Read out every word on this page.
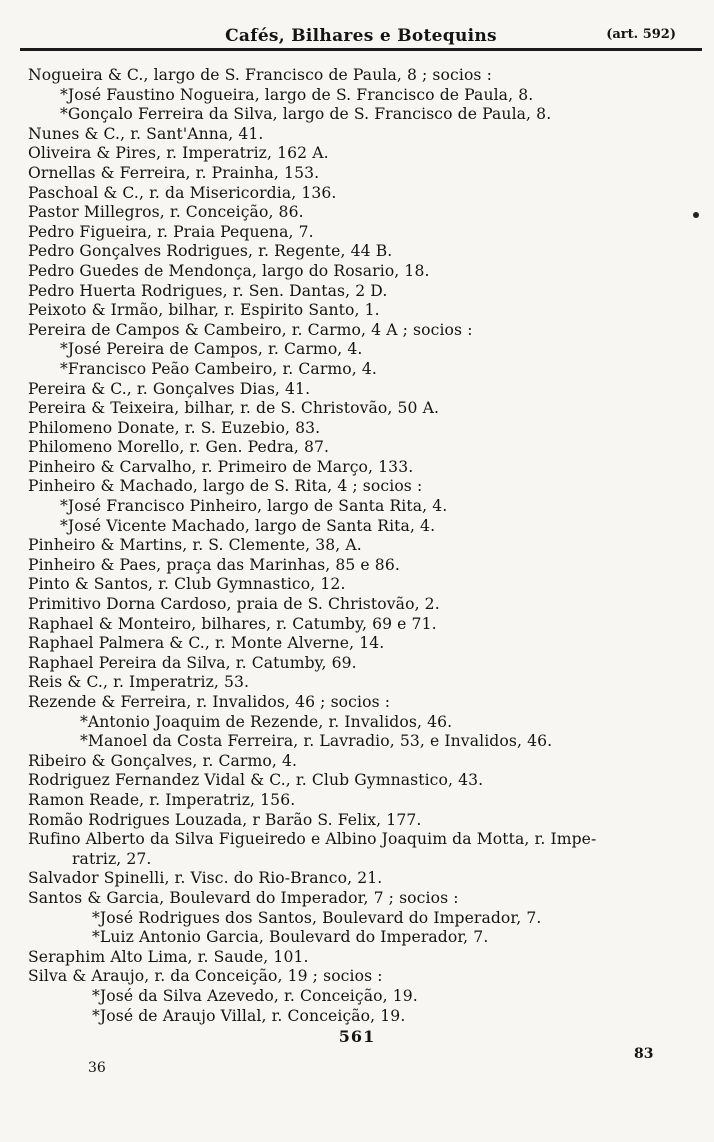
Cafés, Bilhares e Botequins	(art. 592)
Nogueira & C., largo de S. Francisco de Paula, 8 ; socios :
*José Faustino Nogueira, largo de S. Francisco de Paula, 8.
*Gonçalo Ferreira da Silva, largo de S. Francisco de Paula, 8.
Nunes & C., r. Sant'Anna, 41.
Oliveira & Pires, r. Imperatriz, 162 A.
Ornellas & Ferreira, r. Prainha, 153.
Paschoal & C., r. da Misericordia, 136.
Pastor Millegros, r. Conceição, 86.
Pedro Figueira, r. Praia Pequena, 7.
Pedro Gonçalves Rodrigues, r. Regente, 44 B.
Pedro Guedes de Mendonça, largo do Rosario, 18.
Pedro Huerta Rodrigues, r. Sen. Dantas, 2 D.
Peixoto & Irmão, bilhar, r. Espirito Santo, 1.
Pereira de Campos & Cambeiro, r. Carmo, 4 A ; socios :
*José Pereira de Campos, r. Carmo, 4.
*Francisco Peão Cambeiro, r. Carmo, 4.
Pereira & C., r. Gonçalves Dias, 41.
Pereira & Teixeira, bilhar, r. de S. Christovão, 50 A.
Philomeno Donate, r. S. Euzebio, 83.
Philomeno Morello, r. Gen. Pedra, 87.
Pinheiro & Carvalho, r. Primeiro de Março, 133.
Pinheiro & Machado, largo de S. Rita, 4 ; socios :
*José Francisco Pinheiro, largo de Santa Rita, 4.
*José Vicente Machado, largo de Santa Rita, 4.
Pinheiro & Martins, r. S. Clemente, 38, A.
Pinheiro & Paes, praça das Marinhas, 85 e 86.
Pinto & Santos, r. Club Gymnastico, 12.
Primitivo Dorna Cardoso, praia de S. Christovão, 2.
Raphael & Monteiro, bilhares, r. Catumby, 69 e 71.
Raphael Palmera & C., r. Monte Alverne, 14.
Raphael Pereira da Silva, r. Catumby, 69.
Reis & C., r. Imperatriz, 53.
Rezende & Ferreira, r. Invalidos, 46 ; socios :
*Antonio Joaquim de Rezende, r. Invalidos, 46.
*Manoel da Costa Ferreira, r. Lavradio, 53, e Invalidos, 46.
Ribeiro & Gonçalves, r. Carmo, 4.
Rodriguez Fernandez Vidal & C., r. Club Gymnastico, 43.
Ramon Reade, r. Imperatriz, 156.
Romão Rodrigues Louzada, r Barão S. Felix, 177.
Rufino Alberto da Silva Figueiredo e Albino Joaquim da Motta, r. Impe-
ratriz, 27.
Salvador Spinelli, r. Visc. do Rio-Branco, 21.
Santos & Garcia, Boulevard do Imperador, 7 ; socios :
*José Rodrigues dos Santos, Boulevard do Imperador, 7.
*Luiz Antonio Garcia, Boulevard do Imperador, 7.
Seraphim Alto Lima, r. Saude, 101.
Silva & Araujo, r. da Conceição, 19 ; socios :
*José da Silva Azevedo, r. Conceição, 19.
*José de Araujo Villal, r. Conceição, 19.
561
36
83
